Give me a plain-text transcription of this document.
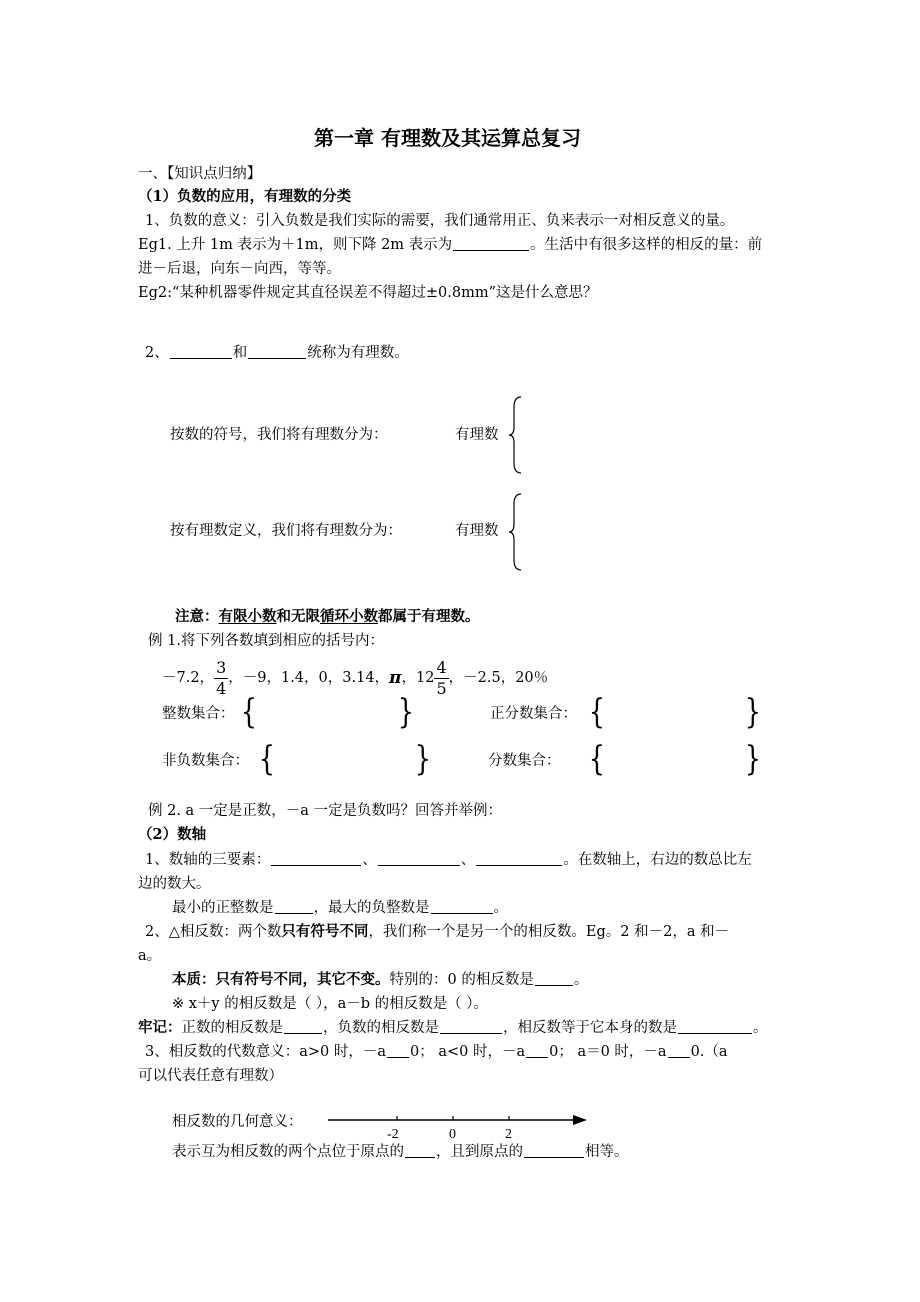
第一章 有理数及其运算总复习
一、【知识点归纳】
（1）负数的应用，有理数的分类
1、负数的意义：引入负数是我们实际的需要，我们通常用正、负来表示一对相反意义的量。
Eg1. 上升 1m 表示为＋1m，则下降 2m 表示为	。生活中有很多这样的相反的量：前
进－后退，向东－向西，等等。
Eg2:“某种机器零件规定其直径误差不得超过±0.8mm”这是什么意思？
2、	和	统称为有理数。
按数的符号，我们将有理数分为：	有理数
按有理数定义，我们将有理数分为：	有理数
注意：有限小数和无限循环小数都属于有理数。
例 1.将下列各数填到相应的括号内：
－7.2， $\frac{3}{4}$ ，－9，1.4，0，3.14， π ，$12 \frac{4}{5}$ ，－2.5，20％
整数集合： {	}	正分数集合： {	}
非负数集合： {	}	分数集合： {	}
例 2. a 一定是正数，－a 一定是负数吗？回答并举例：
（2）数轴
1、数轴的三要素：	、	、	。在数轴上，右边的数总比左
边的数大。
最小的正整数是	，最大的负整数是	。
2、△相反数：两个数只有符号不同，我们称一个是另一个的相反数。Eg。2 和－2，a 和－
a。
本质：只有符号不同，其它不变。特别的：0 的相反数是	。
※ x＋y 的相反数是（ ），a－b 的相反数是（ ）。
牢记：正数的相反数是	，负数的相反数是	，相反数等于它本身的数是	。
3、相反数的代数意义：a>0 时，－a 0； a<0 时，－a 0； a＝0 时，－a 0.（a
可以代表任意有理数）
相反数的几何意义：
-2	0	2
表示互为相反数的两个点位于原点的 ，且到原点的	相等。
